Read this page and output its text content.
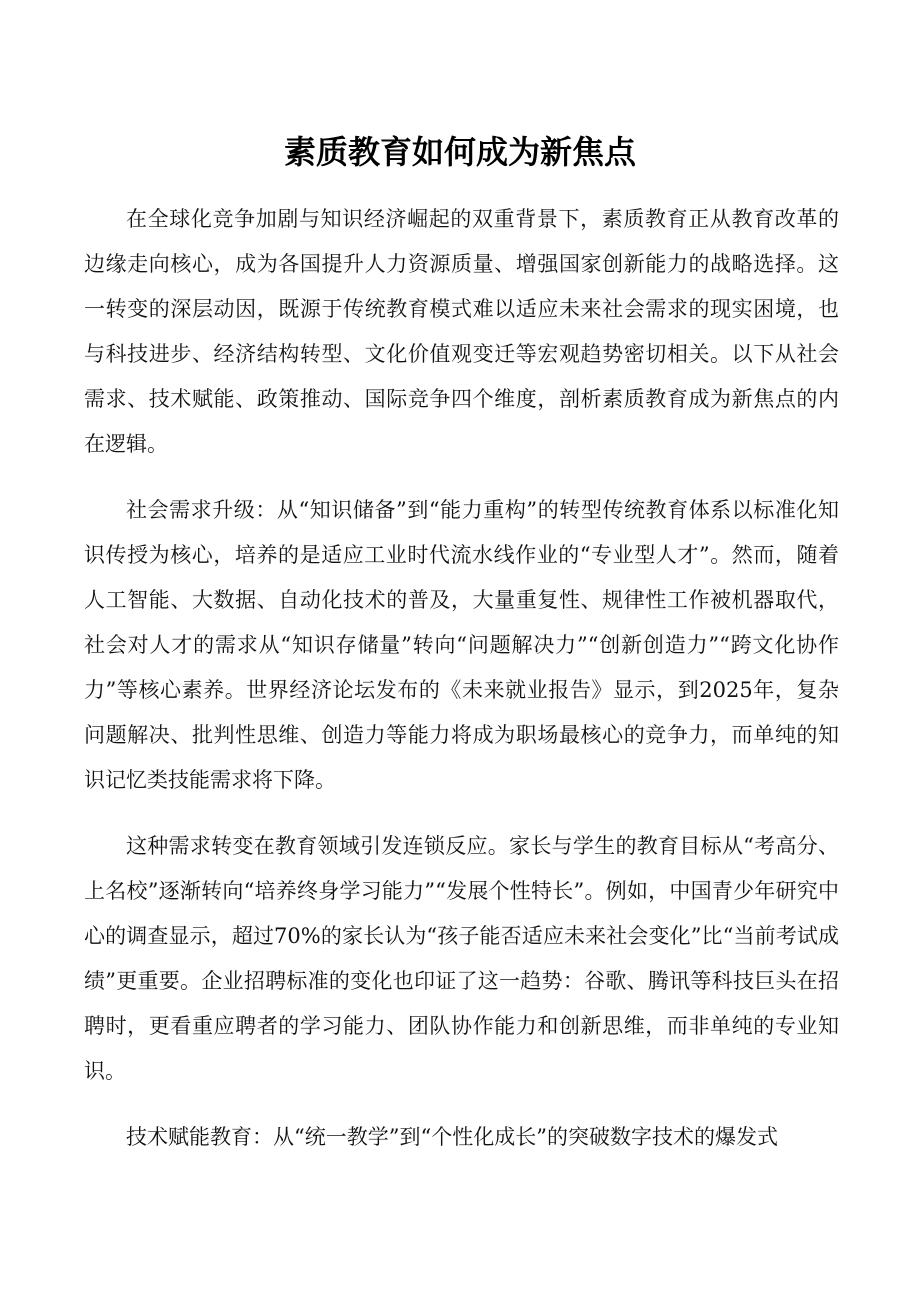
素质教育如何成为新焦点

在全球化竞争加剧与知识经济崛起的双重背景下，素质教育正从教育改革的边缘走向核心，成为各国提升人力资源质量、增强国家创新能力的战略选择。这一转变的深层动因，既源于传统教育模式难以适应未来社会需求的现实困境，也与科技进步、经济结构转型、文化价值观变迁等宏观趋势密切相关。以下从社会需求、技术赋能、政策推动、国际竞争四个维度，剖析素质教育成为新焦点的内在逻辑。

社会需求升级：从“知识储备”到“能力重构”的转型传统教育体系以标准化知识传授为核心，培养的是适应工业时代流水线作业的“专业型人才”。然而，随着人工智能、大数据、自动化技术的普及，大量重复性、规律性工作被机器取代，社会对人才的需求从“知识存储量”转向“问题解决力”“创新创造力”“跨文化协作力”等核心素养。世界经济论坛发布的《未来就业报告》显示，到2025年，复杂问题解决、批判性思维、创造力等能力将成为职场最核心的竞争力，而单纯的知识记忆类技能需求将下降。

这种需求转变在教育领域引发连锁反应。家长与学生的教育目标从“考高分、上名校”逐渐转向“培养终身学习能力”“发展个性特长”。例如，中国青少年研究中心的调查显示，超过70%的家长认为“孩子能否适应未来社会变化”比“当前考试成绩”更重要。企业招聘标准的变化也印证了这一趋势：谷歌、腾讯等科技巨头在招聘时，更看重应聘者的学习能力、团队协作能力和创新思维，而非单纯的专业知识。

技术赋能教育：从“统一教学”到“个性化成长”的突破数字技术的爆发式
